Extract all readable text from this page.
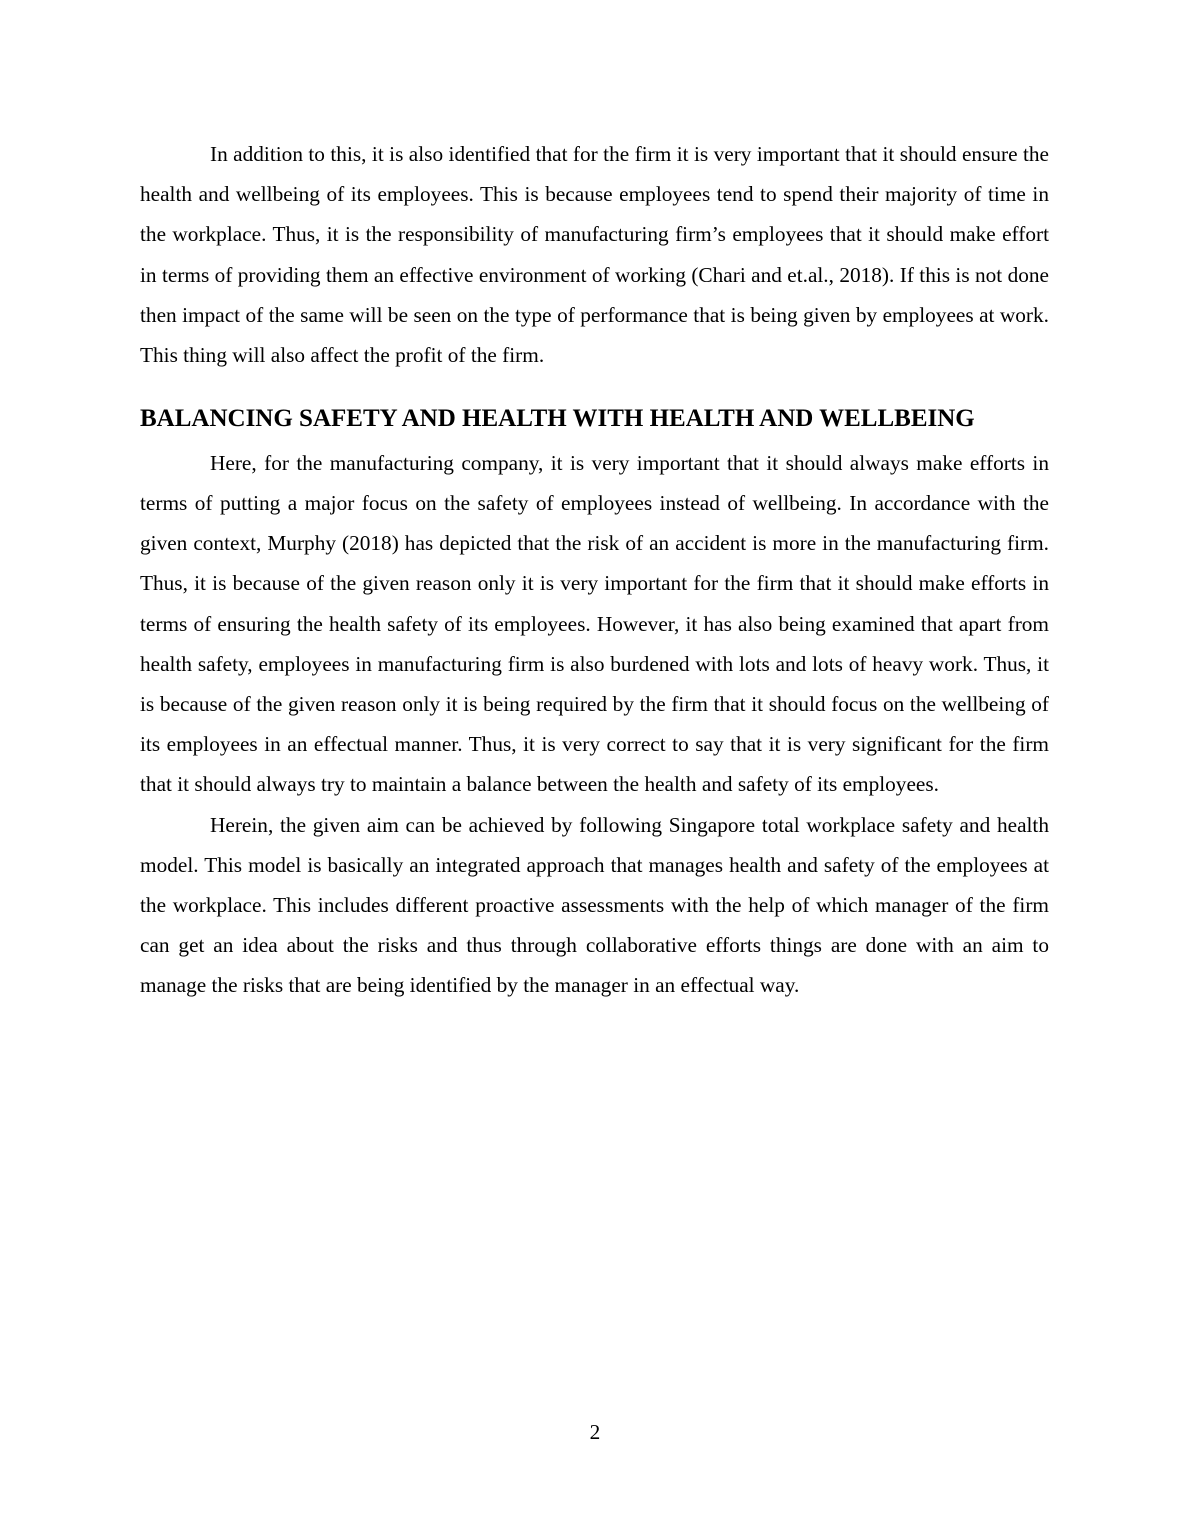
In addition to this, it is also identified that for the firm it is very important that it should ensure the health and wellbeing of its employees. This is because employees tend to spend their majority of time in the workplace. Thus, it is the responsibility of manufacturing firm’s employees that it should make effort in terms of providing them an effective environment of working (Chari and et.al., 2018). If this is not done then impact of the same will be seen on the type of performance that is being given by employees at work. This thing will also affect the profit of the firm.

BALANCING SAFETY AND HEALTH WITH HEALTH AND WELLBEING

Here, for the manufacturing company, it is very important that it should always make efforts in terms of putting a major focus on the safety of employees instead of wellbeing. In accordance with the given context, Murphy (2018) has depicted that the risk of an accident is more in the manufacturing firm. Thus, it is because of the given reason only it is very important for the firm that it should make efforts in terms of ensuring the health safety of its employees. However, it has also being examined that apart from health safety, employees in manufacturing firm is also burdened with lots and lots of heavy work. Thus, it is because of the given reason only it is being required by the firm that it should focus on the wellbeing of its employees in an effectual manner. Thus, it is very correct to say that it is very significant for the firm that it should always try to maintain a balance between the health and safety of its employees.

Herein, the given aim can be achieved by following Singapore total workplace safety and health model. This model is basically an integrated approach that manages health and safety of the employees at the workplace. This includes different proactive assessments with the help of which manager of the firm can get an idea about the risks and thus through collaborative efforts things are done with an aim to manage the risks that are being identified by the manager in an effectual way.

2
